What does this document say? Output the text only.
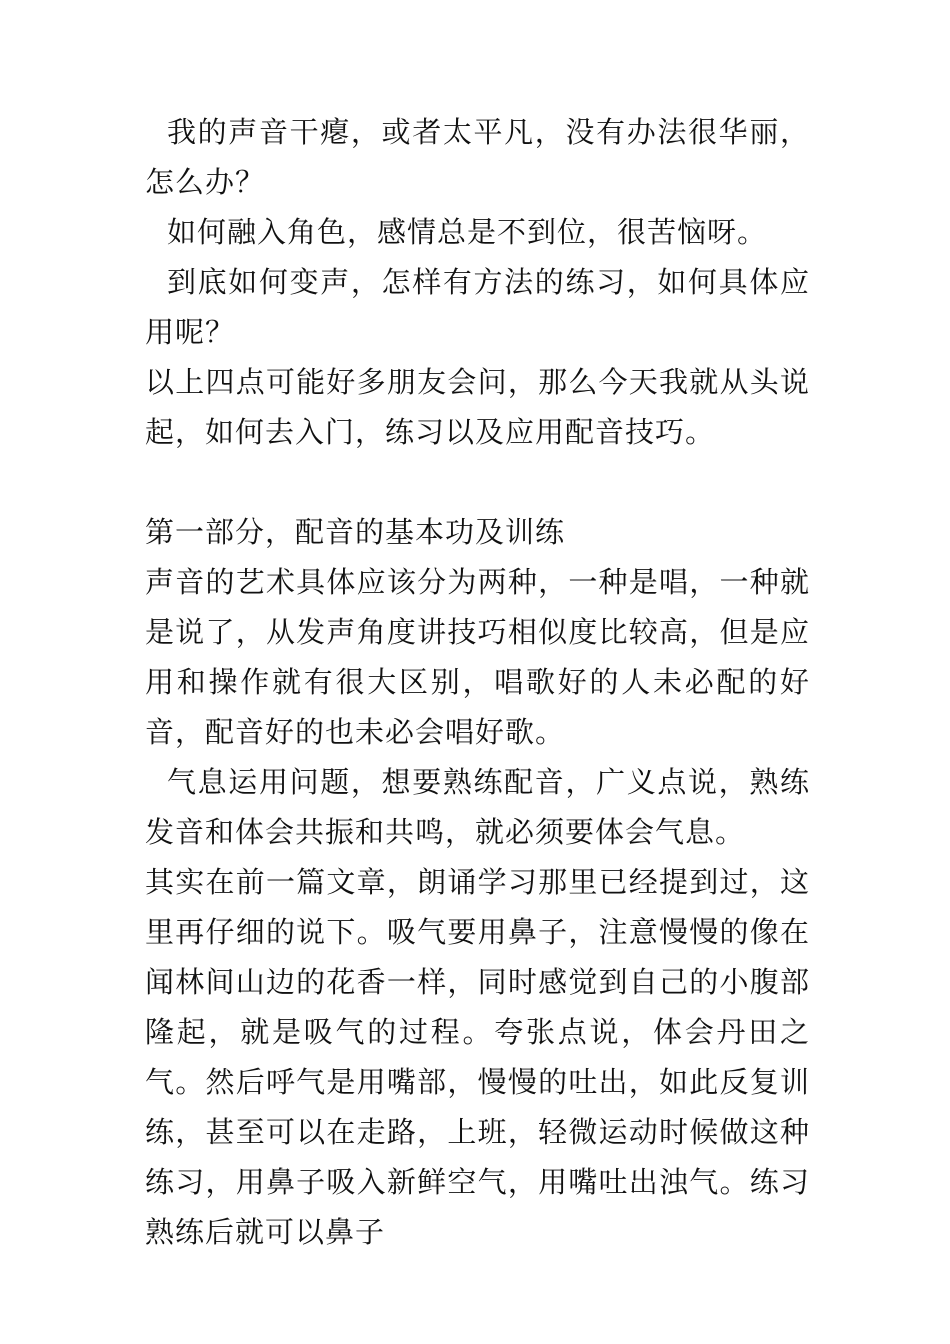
我的声音干瘪，或者太平凡，没有办法很华丽，怎么办？

如何融入角色，感情总是不到位，很苦恼呀。

到底如何变声，怎样有方法的练习，如何具体应用呢？

以上四点可能好多朋友会问，那么今天我就从头说起，如何去入门，练习以及应用配音技巧。

第一部分，配音的基本功及训练

声音的艺术具体应该分为两种，一种是唱，一种就是说了，从发声角度讲技巧相似度比较高，但是应用和操作就有很大区别，唱歌好的人未必配的好音，配音好的也未必会唱好歌。

气息运用问题，想要熟练配音，广义点说，熟练发音和体会共振和共鸣，就必须要体会气息。

其实在前一篇文章，朗诵学习那里已经提到过，这里再仔细的说下。吸气要用鼻子，注意慢慢的像在闻林间山边的花香一样，同时感觉到自己的小腹部隆起，就是吸气的过程。夸张点说，体会丹田之气。然后呼气是用嘴部，慢慢的吐出，如此反复训练，甚至可以在走路，上班，轻微运动时候做这种练习，用鼻子吸入新鲜空气，用嘴吐出浊气。练习熟练后就可以鼻子
